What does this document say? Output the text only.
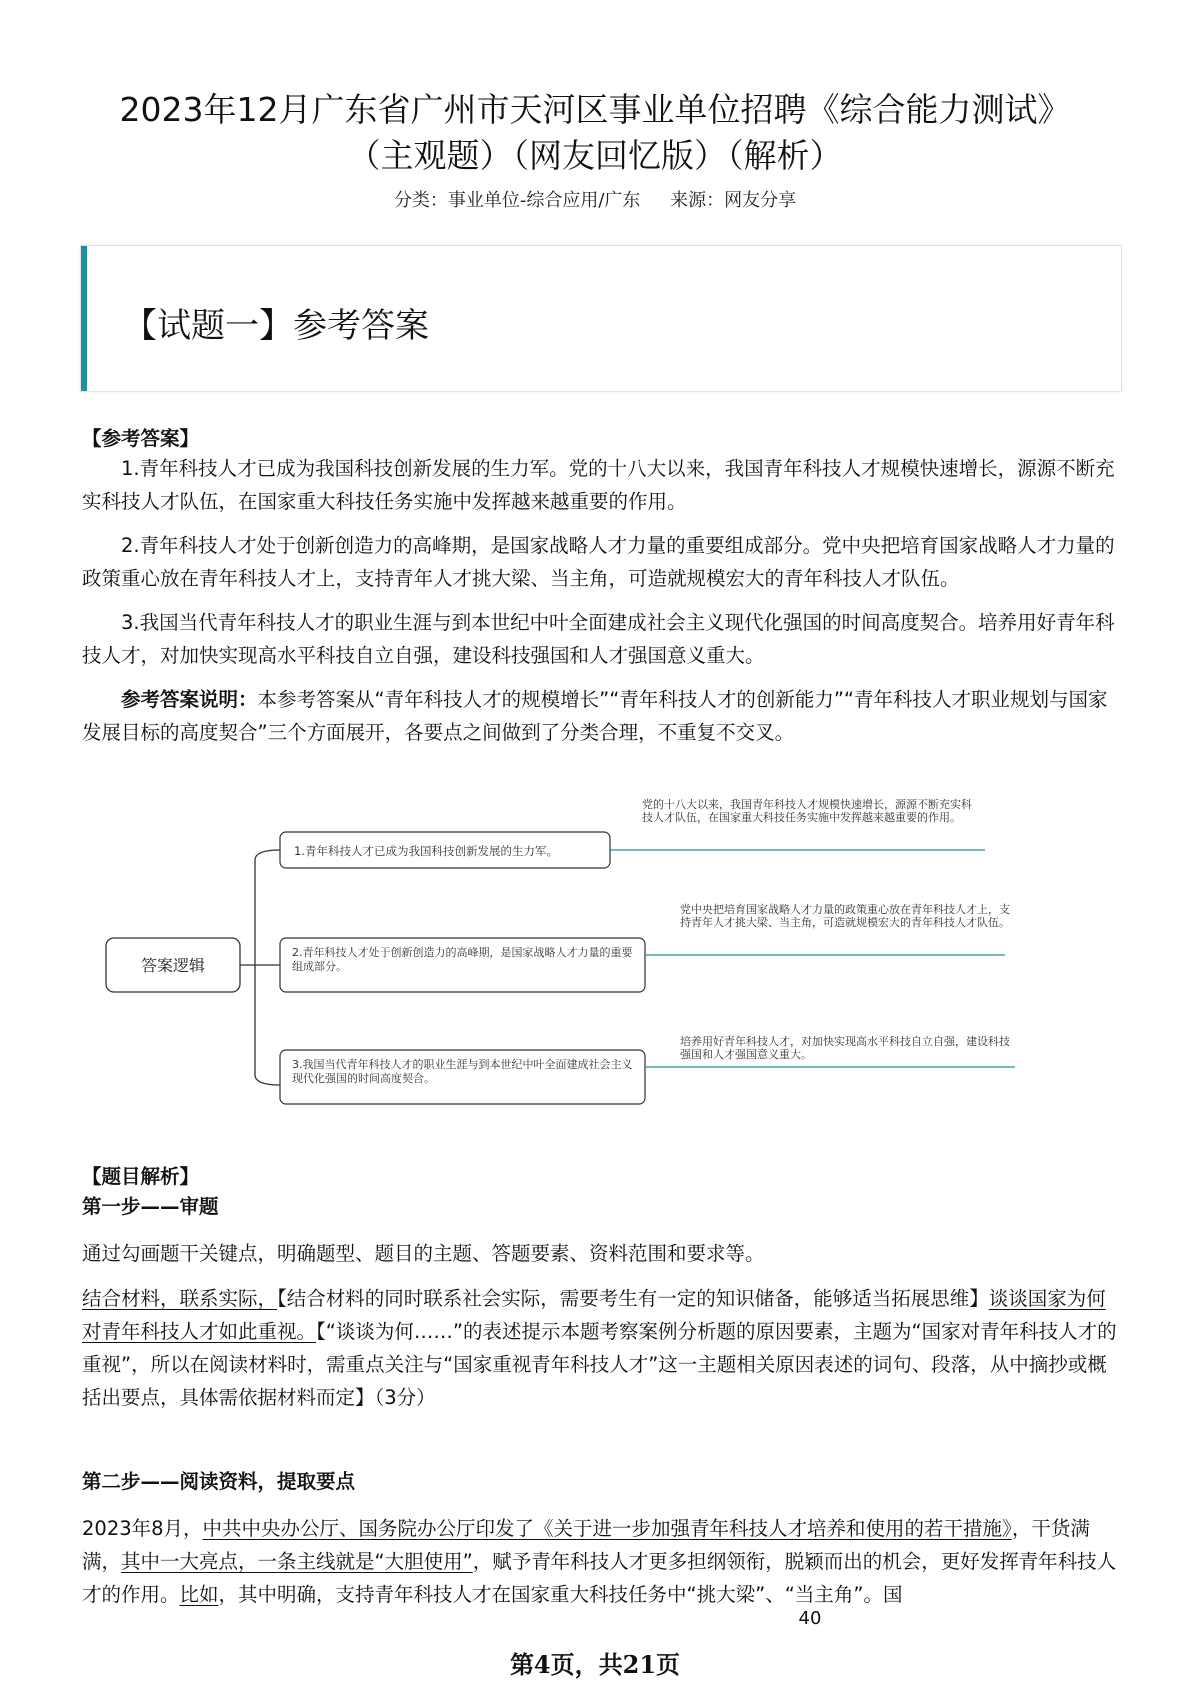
2023年12月广东省广州市天河区事业单位招聘《综合能力测试》
（主观题）（网友回忆版）（解析）
分类：事业单位-综合应用/广东 来源：网友分享
【试题一】参考答案
【参考答案】
1.青年科技人才已成为我国科技创新发展的生力军。党的十八大以来，我国青年科技人才规模快速增长，源源不断充实科技人才队伍，在国家重大科技任务实施中发挥越来越重要的作用。
2.青年科技人才处于创新创造力的高峰期，是国家战略人才力量的重要组成部分。党中央把培育国家战略人才力量的政策重心放在青年科技人才上，支持青年人才挑大梁、当主角，可造就规模宏大的青年科技人才队伍。
3.我国当代青年科技人才的职业生涯与到本世纪中叶全面建成社会主义现代化强国的时间高度契合。培养用好青年科技人才，对加快实现高水平科技自立自强，建设科技强国和人才强国意义重大。
参考答案说明：本参考答案从“青年科技人才的规模增长”“青年科技人才的创新能力”“青年科技人才职业规划与国家发展目标的高度契合”三个方面展开，各要点之间做到了分类合理，不重复不交叉。
答案逻辑
1.青年科技人才已成为我国科技创新发展的生力军。
党的十八大以来，我国青年科技人才规模快速增长，源源不断充实科技人才队伍，在国家重大科技任务实施中发挥越来越重要的作用。
2.青年科技人才处于创新创造力的高峰期，是国家战略人才力量的重要组成部分。
党中央把培育国家战略人才力量的政策重心放在青年科技人才上，支持青年人才挑大梁、当主角，可造就规模宏大的青年科技人才队伍。
3.我国当代青年科技人才的职业生涯与到本世纪中叶全面建成社会主义现代化强国的时间高度契合。
培养用好青年科技人才，对加快实现高水平科技自立自强，建设科技强国和人才强国意义重大。
【题目解析】
第一步——审题
通过勾画题干关键点，明确题型、题目的主题、答题要素、资料范围和要求等。
结合材料，联系实际，【结合材料的同时联系社会实际，需要考生有一定的知识储备，能够适当拓展思维】谈谈国家为何对青年科技人才如此重视。【“谈谈为何……”的表述提示本题考察案例分析题的原因要素，主题为“国家对青年科技人才的重视”，所以在阅读材料时，需重点关注与“国家重视青年科技人才”这一主题相关原因表述的词句、段落，从中摘抄或概括出要点，具体需依据材料而定】（3分）
第二步——阅读资料，提取要点
2023年8月，中共中央办公厅、国务院办公厅印发了《关于进一步加强青年科技人才培养和使用的若干措施》，干货满满，其中一大亮点，一条主线就是“大胆使用”，赋予青年科技人才更多担纲领衔，脱颖而出的机会，更好发挥青年科技人才的作用。比如，其中明确，支持青年科技人才在国家重大科技任务中“挑大梁”、“当主角”。国
40
第4页，共21页
